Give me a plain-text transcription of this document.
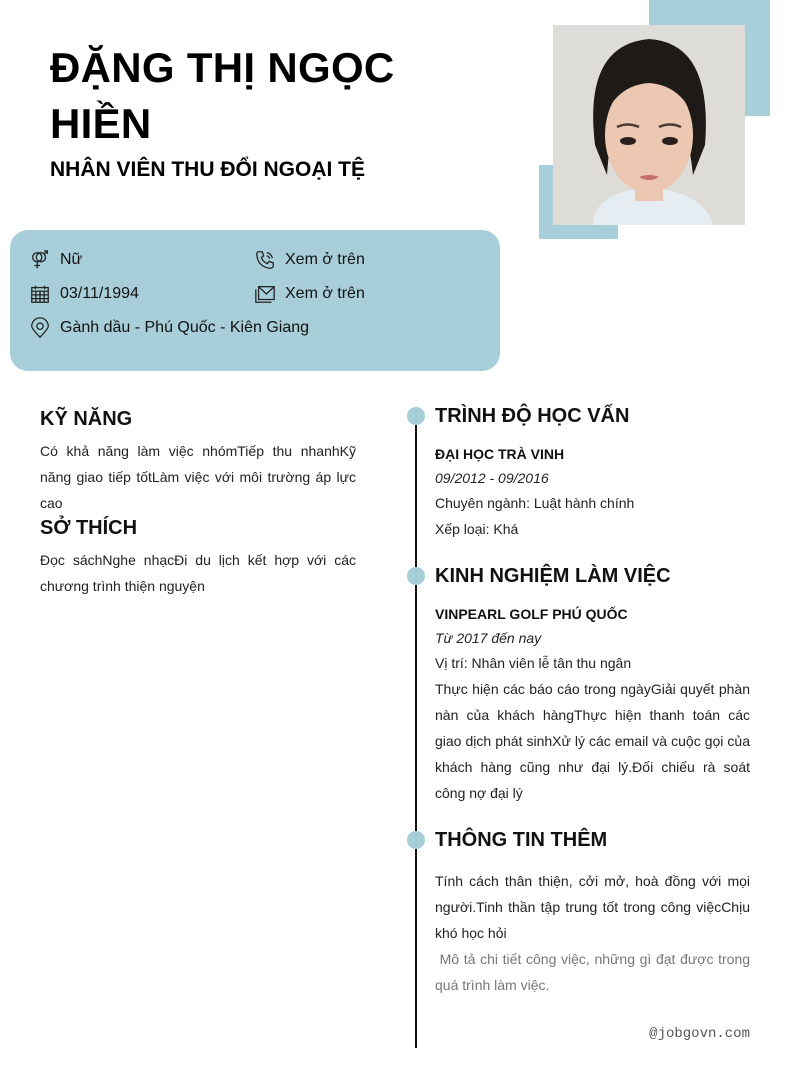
ĐẶNG THỊ NGỌC HIỀN
NHÂN VIÊN THU ĐỔI NGOẠI TỆ
Nữ
03/11/1994
Gành dầu - Phú Quốc - Kiên Giang
Xem ở trên
Xem ở trên
KỸ NĂNG
Có khả năng làm việc nhómTiếp thu nhanhKỹ năng giao tiếp tốtLàm việc với môi trường áp lực cao
SỞ THÍCH
Đọc sáchNghe nhạcĐi du lịch kết hợp với các chương trình thiện nguyện
TRÌNH ĐỘ HỌC VẤN
ĐẠI HỌC TRÀ VINH
09/2012 - 09/2016
Chuyên ngành: Luật hành chính
Xếp loại: Khá
KINH NGHIỆM LÀM VIỆC
VINPEARL GOLF PHÚ QUỐC
Từ 2017 đến nay
Vị trí: Nhân viên lễ tân thu ngân
Thực hiện các báo cáo trong ngàyGiải quyết phàn nàn của khách hàngThực hiện thanh toán các giao dịch phát sinhXử lý các email và cuộc gọi của khách hàng cũng như đại lý.Đối chiếu rà soát công nợ đại lý
THÔNG TIN THÊM
Tính cách thân thiện, cởi mở, hoà đồng với mọi người.Tinh thần tập trung tốt trong công việcChịu khó học hỏi
Mô tả chi tiết công việc, những gì đạt được trong quá trình làm việc.
@jobgovn.com
